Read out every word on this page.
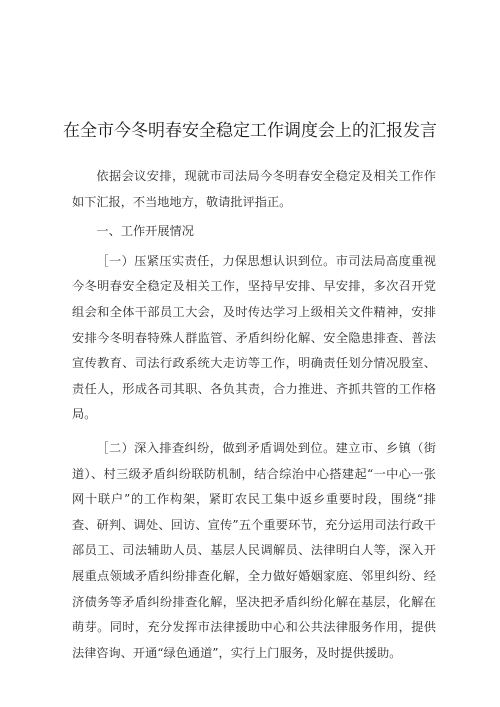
在全市今冬明春安全稳定工作调度会上的汇报发言

依据会议安排，现就市司法局今冬明春安全稳定及相关工作作如下汇报，不当地地方，敬请批评指正。

一、工作开展情况

［一）压紧压实责任，力保思想认识到位。市司法局高度重视今冬明春安全稳定及相关工作，坚持早安排、早安排，多次召开党组会和全体干部员工大会，及时传达学习上级相关文件精神，安排安排今冬明春特殊人群监管、矛盾纠纷化解、安全隐患排查、普法宣传教育、司法行政系统大走访等工作，明确责任划分情况股室、责任人，形成各司其职、各负其责，合力推进、齐抓共管的工作格局。

［二）深入排查纠纷，做到矛盾调处到位。建立市、乡镇（街道）、村三级矛盾纠纷联防机制，结合综治中心搭建起“一中心一张网十联户”的工作构架，紧盯农民工集中返乡重要时段，围绕“排查、研判、调处、回访、宣传”五个重要环节，充分运用司法行政干部员工、司法辅助人员、基层人民调解员、法律明白人等，深入开展重点领域矛盾纠纷排查化解，全力做好婚姻家庭、邻里纠纷、经济债务等矛盾纠纷排查化解，坚决把矛盾纠纷化解在基层，化解在萌芽。同时，充分发挥市法律援助中心和公共法律服务作用，提供法律咨询、开通“绿色通道”，实行上门服务，及时提供援助。
